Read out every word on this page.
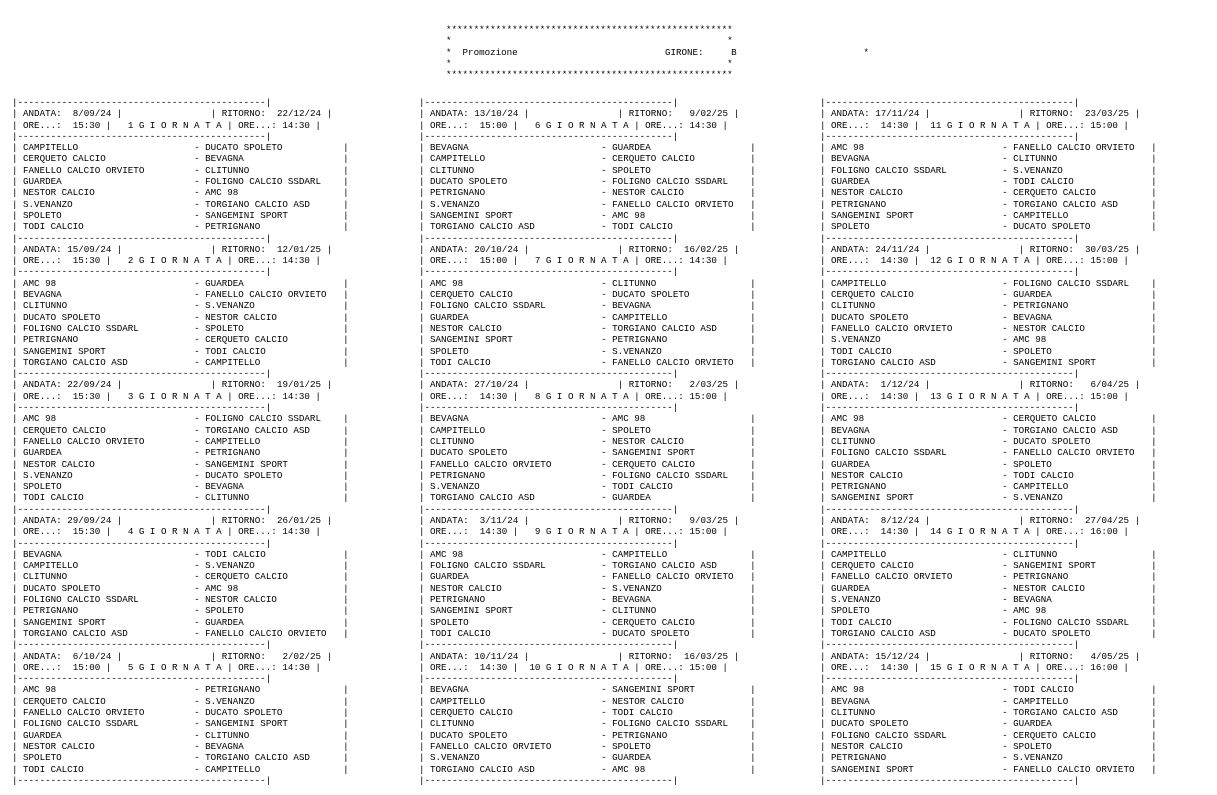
****************************************************
*                                                  *
*  Promozione	GIRONE:	B	*
*                                                  *
****************************************************
|---------------------------------------------|
| ANDATA: 8/09/24 |	| RITORNO: 22/12/24 |
| ORE...: 15:30 | 1 G I O R N A T A | ORE...: 14:30 |
|---------------------------------------------|
| CAMPITELLO	- DUCATO SPOLETO	|
| CERQUETO CALCIO	- BEVAGNA	|
| FANELLO CALCIO ORVIETO	- CLITUNNO	|
| GUARDEA	- FOLIGNO CALCIO SSDARL |
| NESTOR CALCIO	- AMC 98	|
| S.VENANZO	- TORGIANO CALCIO ASD	|
| SPOLETO	- SANGEMINI SPORT	|
| TODI CALCIO	- PETRIGNANO	|
|---------------------------------------------|
| ANDATA: 15/09/24 |	| RITORNO: 12/01/25 |
| ORE...: 15:30 | 2 G I O R N A T A | ORE...: 14:30 |
|---------------------------------------------|
| AMC 98	- GUARDEA	|
| BEVAGNA	- FANELLO CALCIO ORVIETO |
| CLITUNNO	- S.VENANZO	|
| DUCATO SPOLETO	- NESTOR CALCIO	|
| FOLIGNO CALCIO SSDARL	- SPOLETO	|
| PETRIGNANO	- CERQUETO CALCIO	|
| SANGEMINI SPORT	- TODI CALCIO	|
| TORGIANO CALCIO ASD	- CAMPITELLO	|
|---------------------------------------------|
| ANDATA: 22/09/24 |	| RITORNO: 19/01/25 |
| ORE...: 15:30 | 3 G I O R N A T A | ORE...: 14:30 |
|---------------------------------------------|
| AMC 98	- FOLIGNO CALCIO SSDARL |
| CERQUETO CALCIO	- TORGIANO CALCIO ASD	|
| FANELLO CALCIO ORVIETO	- CAMPITELLO	|
| GUARDEA	- PETRIGNANO	|
| NESTOR CALCIO	- SANGEMINI SPORT	|
| S.VENANZO	- DUCATO SPOLETO	|
| SPOLETO	- BEVAGNA	|
| TODI CALCIO	- CLITUNNO	|
|---------------------------------------------|
| ANDATA: 29/09/24 |	| RITORNO: 26/01/25 |
| ORE...: 15:30 | 4 G I O R N A T A | ORE...: 14:30 |
|---------------------------------------------|
| BEVAGNA	- TODI CALCIO	|
| CAMPITELLO	- S.VENANZO	|
| CLITUNNO	- CERQUETO CALCIO	|
| DUCATO SPOLETO	- AMC 98	|
| FOLIGNO CALCIO SSDARL	- NESTOR CALCIO	|
| PETRIGNANO	- SPOLETO	|
| SANGEMINI SPORT	- GUARDEA	|
| TORGIANO CALCIO ASD	- FANELLO CALCIO ORVIETO |
|---------------------------------------------|
| ANDATA: 6/10/24 |	| RITORNO: 2/02/25 |
| ORE...: 15:00 | 5 G I O R N A T A | ORE...: 14:30 |
|---------------------------------------------|
| AMC 98	- PETRIGNANO	|
| CERQUETO CALCIO	- S.VENANZO	|
| FANELLO CALCIO ORVIETO	- DUCATO SPOLETO	|
| FOLIGNO CALCIO SSDARL	- SANGEMINI SPORT	|
| GUARDEA	- CLITUNNO	|
| NESTOR CALCIO	- BEVAGNA	|
| SPOLETO	- TORGIANO CALCIO ASD	|
| TODI CALCIO	- CAMPITELLO	|
|---------------------------------------------|
|---------------------------------------------|
| ANDATA: 13/10/24 |	| RITORNO: 9/02/25 |
| ORE...: 15:00 | 6 G I O R N A T A | ORE...: 14:30 |
|---------------------------------------------|
| BEVAGNA	- GUARDEA	|
| CAMPITELLO	- CERQUETO CALCIO	|
| CLITUNNO	- SPOLETO	|
| DUCATO SPOLETO	- FOLIGNO CALCIO SSDARL |
| PETRIGNANO	- NESTOR CALCIO	|
| S.VENANZO	- FANELLO CALCIO ORVIETO |
| SANGEMINI SPORT	- AMC 98	|
| TORGIANO CALCIO ASD	- TODI CALCIO	|
|---------------------------------------------|
| ANDATA: 20/10/24 |	| RITORNO: 16/02/25 |
| ORE...: 15:00 | 7 G I O R N A T A | ORE...: 14:30 |
|---------------------------------------------|
| AMC 98	- CLITUNNO	|
| CERQUETO CALCIO	- DUCATO SPOLETO	|
| FOLIGNO CALCIO SSDARL	- BEVAGNA	|
| GUARDEA	- CAMPITELLO	|
| NESTOR CALCIO	- TORGIANO CALCIO ASD	|
| SANGEMINI SPORT	- PETRIGNANO	|
| SPOLETO	- S.VENANZO	|
| TODI CALCIO	- FANELLO CALCIO ORVIETO |
|---------------------------------------------|
| ANDATA: 27/10/24 |	| RITORNO: 2/03/25 |
| ORE...: 14:30 | 8 G I O R N A T A | ORE...: 15:00 |
|---------------------------------------------|
| BEVAGNA	- AMC 98	|
| CAMPITELLO	- SPOLETO	|
| CLITUNNO	- NESTOR CALCIO	|
| DUCATO SPOLETO	- SANGEMINI SPORT	|
| FANELLO CALCIO ORVIETO	- CERQUETO CALCIO	|
| PETRIGNANO	- FOLIGNO CALCIO SSDARL |
| S.VENANZO	- TODI CALCIO	|
| TORGIANO CALCIO ASD	- GUARDEA	|
|---------------------------------------------|
| ANDATA: 3/11/24 |	| RITORNO: 9/03/25 |
| ORE...: 14:30 | 9 G I O R N A T A | ORE...: 15:00 |
|---------------------------------------------|
| AMC 98	- CAMPITELLO	|
| FOLIGNO CALCIO SSDARL	- TORGIANO CALCIO ASD	|
| GUARDEA	- FANELLO CALCIO ORVIETO |
| NESTOR CALCIO	- S.VENANZO	|
| PETRIGNANO	- BEVAGNA	|
| SANGEMINI SPORT	- CLITUNNO	|
| SPOLETO	- CERQUETO CALCIO	|
| TODI CALCIO	- DUCATO SPOLETO	|
|---------------------------------------------|
| ANDATA: 10/11/24 |	| RITORNO: 16/03/25 |
| ORE...: 14:30 | 10 G I O R N A T A | ORE...: 15:00 |
|---------------------------------------------|
| BEVAGNA	- SANGEMINI SPORT	|
| CAMPITELLO	- NESTOR CALCIO	|
| CERQUETO CALCIO	- TODI CALCIO	|
| CLITUNNO	- FOLIGNO CALCIO SSDARL |
| DUCATO SPOLETO	- PETRIGNANO	|
| FANELLO CALCIO ORVIETO	- SPOLETO	|
| S.VENANZO	- GUARDEA	|
| TORGIANO CALCIO ASD	- AMC 98	|
|---------------------------------------------|
|---------------------------------------------|
| ANDATA: 17/11/24 |	| RITORNO: 23/03/25 |
| ORE...: 14:30 | 11 G I O R N A T A | ORE...: 15:00 |
|---------------------------------------------|
| AMC 98	- FANELLO CALCIO ORVIETO |
| BEVAGNA	- CLITUNNO	|
| FOLIGNO CALCIO SSDARL	- S.VENANZO	|
| GUARDEA	- TODI CALCIO	|
| NESTOR CALCIO	- CERQUETO CALCIO	|
| PETRIGNANO	- TORGIANO CALCIO ASD	|
| SANGEMINI SPORT	- CAMPITELLO	|
| SPOLETO	- DUCATO SPOLETO	|
|---------------------------------------------|
| ANDATA: 24/11/24 |	| RITORNO: 30/03/25 |
| ORE...: 14:30 | 12 G I O R N A T A | ORE...: 15:00 |
|---------------------------------------------|
| CAMPITELLO	- FOLIGNO CALCIO SSDARL |
| CERQUETO CALCIO	- GUARDEA	|
| CLITUNNO	- PETRIGNANO	|
| DUCATO SPOLETO	- BEVAGNA	|
| FANELLO CALCIO ORVIETO	- NESTOR CALCIO	|
| S.VENANZO	- AMC 98	|
| TODI CALCIO	- SPOLETO	|
| TORGIANO CALCIO ASD	- SANGEMINI SPORT	|
|---------------------------------------------|
| ANDATA: 1/12/24 |	| RITORNO: 6/04/25 |
| ORE...: 14:30 | 13 G I O R N A T A | ORE...: 15:00 |
|---------------------------------------------|
| AMC 98	- CERQUETO CALCIO	|
| BEVAGNA	- TORGIANO CALCIO ASD	|
| CLITUNNO	- DUCATO SPOLETO	|
| FOLIGNO CALCIO SSDARL	- FANELLO CALCIO ORVIETO |
| GUARDEA	- SPOLETO	|
| NESTOR CALCIO	- TODI CALCIO	|
| PETRIGNANO	- CAMPITELLO	|
| SANGEMINI SPORT	- S.VENANZO	|
|---------------------------------------------|
| ANDATA: 8/12/24 |	| RITORNO: 27/04/25 |
| ORE...: 14:30 | 14 G I O R N A T A | ORE...: 16:00 |
|---------------------------------------------|
| CAMPITELLO	- CLITUNNO	|
| CERQUETO CALCIO	- SANGEMINI SPORT	|
| FANELLO CALCIO ORVIETO	- PETRIGNANO	|
| GUARDEA	- NESTOR CALCIO	|
| S.VENANZO	- BEVAGNA	|
| SPOLETO	- AMC 98	|
| TODI CALCIO	- FOLIGNO CALCIO SSDARL |
| TORGIANO CALCIO ASD	- DUCATO SPOLETO	|
|---------------------------------------------|
| ANDATA: 15/12/24 |	| RITORNO: 4/05/25 |
| ORE...: 14:30 | 15 G I O R N A T A | ORE...: 16:00 |
|---------------------------------------------|
| AMC 98	- TODI CALCIO	|
| BEVAGNA	- CAMPITELLO	|
| CLITUNNO	- TORGIANO CALCIO ASD	|
| DUCATO SPOLETO	- GUARDEA	|
| FOLIGNO CALCIO SSDARL	- CERQUETO CALCIO	|
| NESTOR CALCIO	- SPOLETO	|
| PETRIGNANO	- S.VENANZO	|
| SANGEMINI SPORT	- FANELLO CALCIO ORVIETO |
|---------------------------------------------|
